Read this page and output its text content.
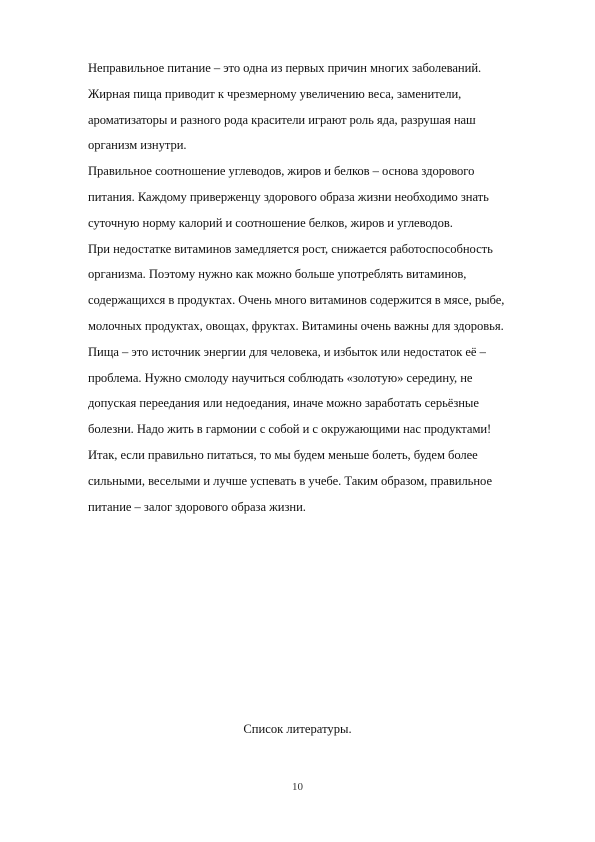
Неправильное питание – это одна из первых причин многих заболеваний.
Жирная пища приводит к чрезмерному увеличению веса, заменители,
ароматизаторы и разного рода красители играют роль яда, разрушая наш
организм изнутри.
Правильное соотношение углеводов, жиров и белков – основа здорового
питания. Каждому приверженцу здорового образа жизни необходимо знать
суточную норму калорий и соотношение белков, жиров и углеводов.
При недостатке витаминов замедляется рост, снижается работоспособность
организма. Поэтому нужно как можно больше употреблять витаминов,
содержащихся в продуктах. Очень много витаминов содержится в мясе, рыбе,
молочных продуктах, овощах, фруктах. Витамины очень важны для здоровья.
Пища – это источник энергии для человека, и избыток или недостаток её –
проблема. Нужно смолоду научиться соблюдать «золотую» середину, не
допуская переедания или недоедания, иначе можно заработать серьёзные
болезни. Надо жить в гармонии с собой и с окружающими нас продуктами!
Итак, если правильно питаться, то мы будем меньше болеть, будем более
сильными, веселыми и лучше успевать в учебе. Таким образом, правильное
питание – залог здорового образа жизни.
Список литературы.
10
